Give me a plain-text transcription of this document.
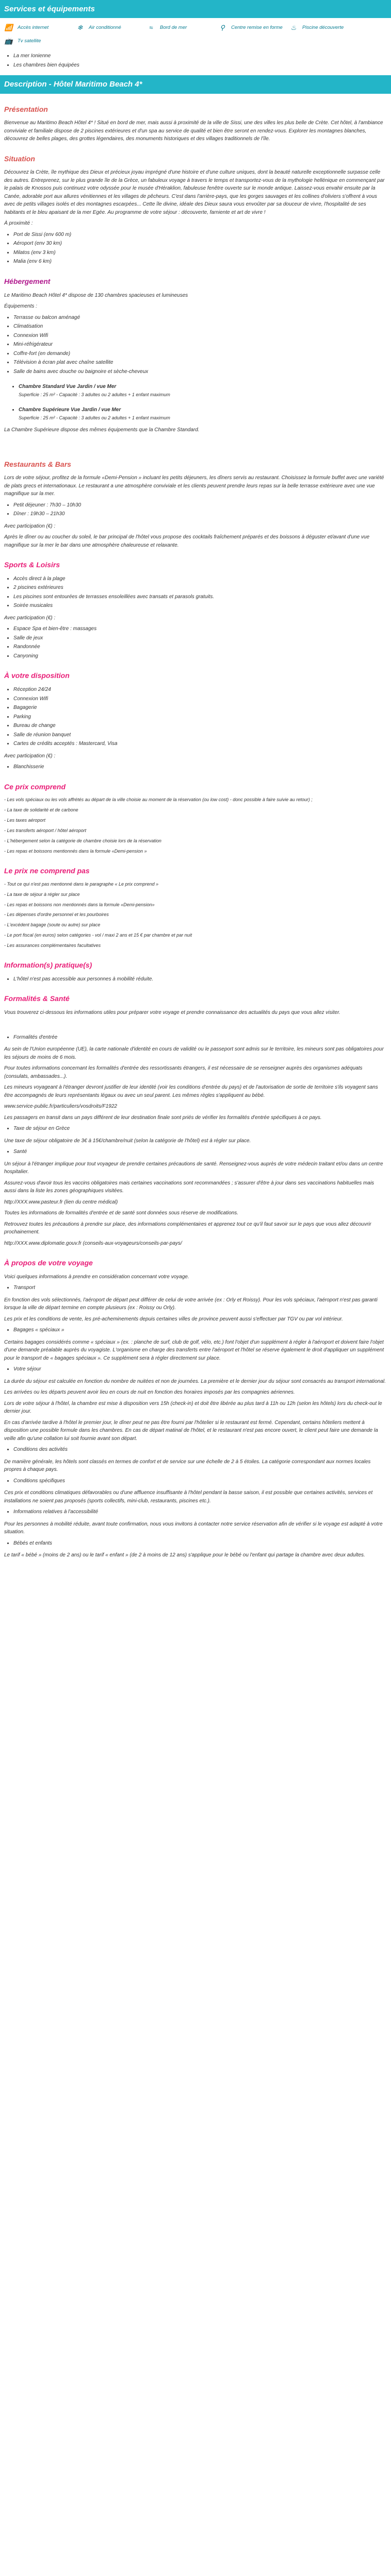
Services et équipements
📶 Accès internet	❄	Air conditionné	≈	Bord de mer	⚲	Centre remise en forme ♨	Piscine découverte
📺 Tv satellite
• La mer Ionienne
• Les chambres bien équipées
Description - Hôtel Maritimo Beach 4*
Présentation

Bienvenue au Maritimo Beach Hôtel 4* ! Situé en bord de mer, mais aussi à proximité de la ville de Sissi, une des villes les plus belle de Crète. Cet hôtel, à l'ambiance conviviale et familiale dispose de 2 piscines extérieures et d'un spa au service de qualité et bien être seront en rendez-vous. Explorer les montagnes blanches, découvrez de belles plages, des grottes légendaires, des monuments historiques et des villages traditionnels de l'île.

Situation

Découvrez la Crète, île mythique des Dieux et précieux joyau imprégné d'une histoire et d'une culture uniques, dont la beauté naturelle exceptionnelle surpasse celle des autres. Entreprenez, sur le plus grande île de la Grèce, un fabuleux voyage à travers le temps et transportez-vous de la mythologie hellénique en commençant par le palais de Knossos puis continuez votre odyssée pour le musée d'Héraklion, fabuleuse fenêtre ouverte sur le monde antique. Laissez-vous envahir ensuite par la Canée, adorable port aux allures vénitiennes et les villages de pêcheurs. C'est dans l'arrière-pays, que les gorges sauvages et les collines d'oliviers s'offrent à vous avec de petits villages isolés et des montagnes escarpées... Cette île divine, idéale des Dieux saura vous envoûter par sa douceur de vivre, l'hospitalité de ses habitants et le bleu apaisant de la mer Egée. Au programme de votre séjour : découverte, farniente et art de vivre !

À proximité :

• Port de Sissi (env 600 m)
• Aéroport (env 30 km)
• Milatos (env 3 km)
• Malia (env 6 km)
Hébergement

Le Maritimo Beach Hôtel 4* dispose de 130 chambres spacieuses et lumineuses

Équipements :

• Terrasse ou balcon aménagé
• Climatisation
• Connexion Wifi
• Mini-réfrigérateur
• Coffre-fort (en demande)
• Télévision à écran plat avec chaîne satellite
• Salle de bains avec douche ou baignoire et sèche-cheveux
• Chambre Standard Vue Jardin / vue Mer
Superficie : 25 m² - Capacité : 3 adultes ou 2 adultes + 1 enfant maximum
• Chambre Supérieure Vue Jardin / vue Mer
Superficie : 25 m² - Capacité : 3 adultes ou 2 adultes + 1 enfant maximum

La Chambre Supérieure dispose des mêmes équipements que la Chambre Standard.

Restaurants & Bars

Lors de votre séjour, profitez de la formule «Demi-Pension » incluant les petits déjeuners, les dîners servis au restaurant. Choisissez la formule buffet avec une variété de plats grecs et internationaux. Le restaurant a une atmosphère conviviale et les clients peuvent prendre leurs repas sur la belle terrasse extérieure avec une vue magnifique sur la mer.

• Petit déjeuner : 7h30 – 10h30
• Dîner : 19h30 – 21h30

Avec participation (€) :

Après le dîner ou au coucher du soleil, le bar principal de l'hôtel vous propose des cocktails fraîchement préparés et des boissons à déguster et/avant d'une vue magnifique sur la mer le bar dans une atmosphère chaleureuse et relaxante.

Sports & Loisirs
• Accès direct à la plage
• 2 piscines extérieures
• Les piscines sont entourées de terrasses ensoleillées avec transats et parasols gratuits.
• Soirée musicales

Avec participation (€) :

• Espace Spa et bien-être : massages
• Salle de jeux
• Randonnée
• Canyoning
À votre disposition
• Réception 24/24
• Connexion Wifi
• Bagagerie
• Parking
• Bureau de change
• Salle de réunion banquet
• Cartes de crédits acceptés : Mastercard, Visa

Avec participation (€) :

• Blanchisserie
Ce prix comprend

- Les vols spéciaux ou les vols affrétés au départ de la ville choisie au moment de la réservation (ou low cost) - donc possible à faire suivie au retour) ;

- La taxe de solidarité et de carbone

- Les taxes aéroport

- Les transferts aéroport / hôtel aéroport

- L'hébergement selon la catégorie de chambre choisie lors de la réservation

- Les repas et boissons mentionnés dans la formule «Demi-pension »

Le prix ne comprend pas

- Tout ce qui n'est pas mentionné dans le paragraphe « Le prix comprend »

- La taxe de séjour à régler sur place

- Les repas et boissons non mentionnés dans la formule «Demi-pension»

- Les dépenses d'ordre personnel et les pourboires

- L'excédent bagage (soute ou autre) sur place

- Le port fiscal (en euros) selon catégories - vol / maxi 2 ans et 15 € par chambre et par nuit

- Les assurances complémentaires facultatives

Information(s) pratique(s)
• L'hôtel n'est pas accessible aux personnes à mobilité réduite.
Formalités & Santé

Vous trouverez ci-dessous les informations utiles pour préparer votre voyage et prendre connaissance des actualités du pays que vous allez visiter.

• Formalités d'entrée

Au sein de l'Union européenne (UE), la carte nationale d'identité en cours de validité ou le passeport sont admis sur le territoire, les mineurs sont pas obligatoires pour les séjours de moins de 6 mois.

Pour toutes informations concernant les formalités d'entrée des ressortissants étrangers, il est nécessaire de se renseigner auprès des organismes adéquats (consulats, ambassades...).

Les mineurs voyageant à l'étranger devront justifier de leur identité (voir les conditions d'entrée du pays) et de l'autorisation de sortie de territoire s'ils voyagent sans être accompagnés de leurs représentants légaux ou avec un seul parent. Les mêmes règles s'appliquent au bébé.

www.service-public.fr/particuliers/vosdroits/F1922

Les passagers en transit dans un pays différent de leur destination finale sont priés de vérifier les formalités d'entrée spécifiques à ce pays.

• Taxe de séjour en Grèce

Une taxe de séjour obligatoire de 3€ à 15€/chambre/nuit (selon la catégorie de l'hôtel) est à régler sur place.

• Santé

Un séjour à l'étranger implique pour tout voyageur de prendre certaines précautions de santé. Renseignez-vous auprès de votre médecin traitant et/ou dans un centre hospitalier.

Assurez-vous d'avoir tous les vaccins obligatoires mais certaines vaccinations sont recommandées ; s'assurer d'être à jour dans ses vaccinations habituelles mais aussi dans la liste les zones géographiques visitées.

http://XXX.www.pasteur.fr (lien du centre médical)

Toutes les informations de formalités d'entrée et de santé sont données sous réserve de modifications.

Retrouvez toutes les précautions à prendre sur place, des informations complémentaires et apprenez tout ce qu'il faut savoir sur le pays que vous allez découvrir prochainement.

http://XXX.www.diplomatie.gouv.fr (conseils-aux-voyageurs/conseils-par-pays/

À propos de votre voyage

Voici quelques informations à prendre en considération concernant votre voyage.

• Transport

En fonction des vols sélectionnés, l'aéroport de départ peut différer de celui de votre arrivée (ex : Orly et Roissy). Pour les vols spéciaux, l'aéroport n'est pas garanti lorsque la ville de départ termine en compte plusieurs (ex : Roissy ou Orly).

Les prix et les conditions de vente, les pré-acheminements depuis certaines villes de province peuvent aussi s'effectuer par TGV ou par vol intérieur.

• Bagages « spéciaux »

Certains bagages considérés comme « spéciaux » (ex. : planche de surf, club de golf, vélo, etc.) font l'objet d'un supplément à régler à l'aéroport et doivent faire l'objet d'une demande préalable auprès du voyagiste. L'organisme en charge des transferts entre l'aéroport et l'hôtel se réserve également le droit d'appliquer un supplément pour le transport de « bagages spéciaux ». Ce supplément sera à régler directement sur place.

• Votre séjour

La durée du séjour est calculée en fonction du nombre de nuitées et non de journées. La première et le dernier jour du séjour sont consacrés au transport international.

Les arrivées ou les départs peuvent avoir lieu en cours de nuit en fonction des horaires imposés par les compagnies aériennes.

Lors de votre séjour à l'hôtel, la chambre est mise à disposition vers 15h (check-in) et doit être libérée au plus tard à 11h ou 12h (selon les hôtels) lors du check-out le dernier jour.

En cas d'arrivée tardive à l'hôtel le premier jour, le dîner peut ne pas être fourni par l'hôtelier si le restaurant est fermé. Cependant, certains hôteliers mettent à disposition une possible formule dans les chambres. En cas de départ matinal de l'hôtel, et le restaurant n'est pas encore ouvert, le client peut faire une demande la veille afin qu'une collation lui soit fournie avant son départ.

• Conditions des activités

De manière générale, les hôtels sont classés en termes de confort et de service sur une échelle de 2 à 5 étoiles. La catégorie correspondant aux normes locales propres à chaque pays.

• Conditions spécifiques

Ces prix et conditions climatiques défavorables ou d'une affluence insuffisante à l'hôtel pendant la basse saison, il est possible que certaines activités, services et installations ne soient pas proposés (sports collectifs, mini-club, restaurants, piscines etc.).

• Informations relatives à l'accessibilité

Pour les personnes à mobilité réduite, avant toute confirmation, nous vous invitons à contacter notre service réservation afin de vérifier si le voyage est adapté à votre situation.

• Bébés et enfants

Le tarif « bébé » (moins de 2 ans) ou le tarif « enfant » (de 2 à moins de 12 ans) s'applique pour le bébé ou l'enfant qui partage la chambre avec deux adultes.
